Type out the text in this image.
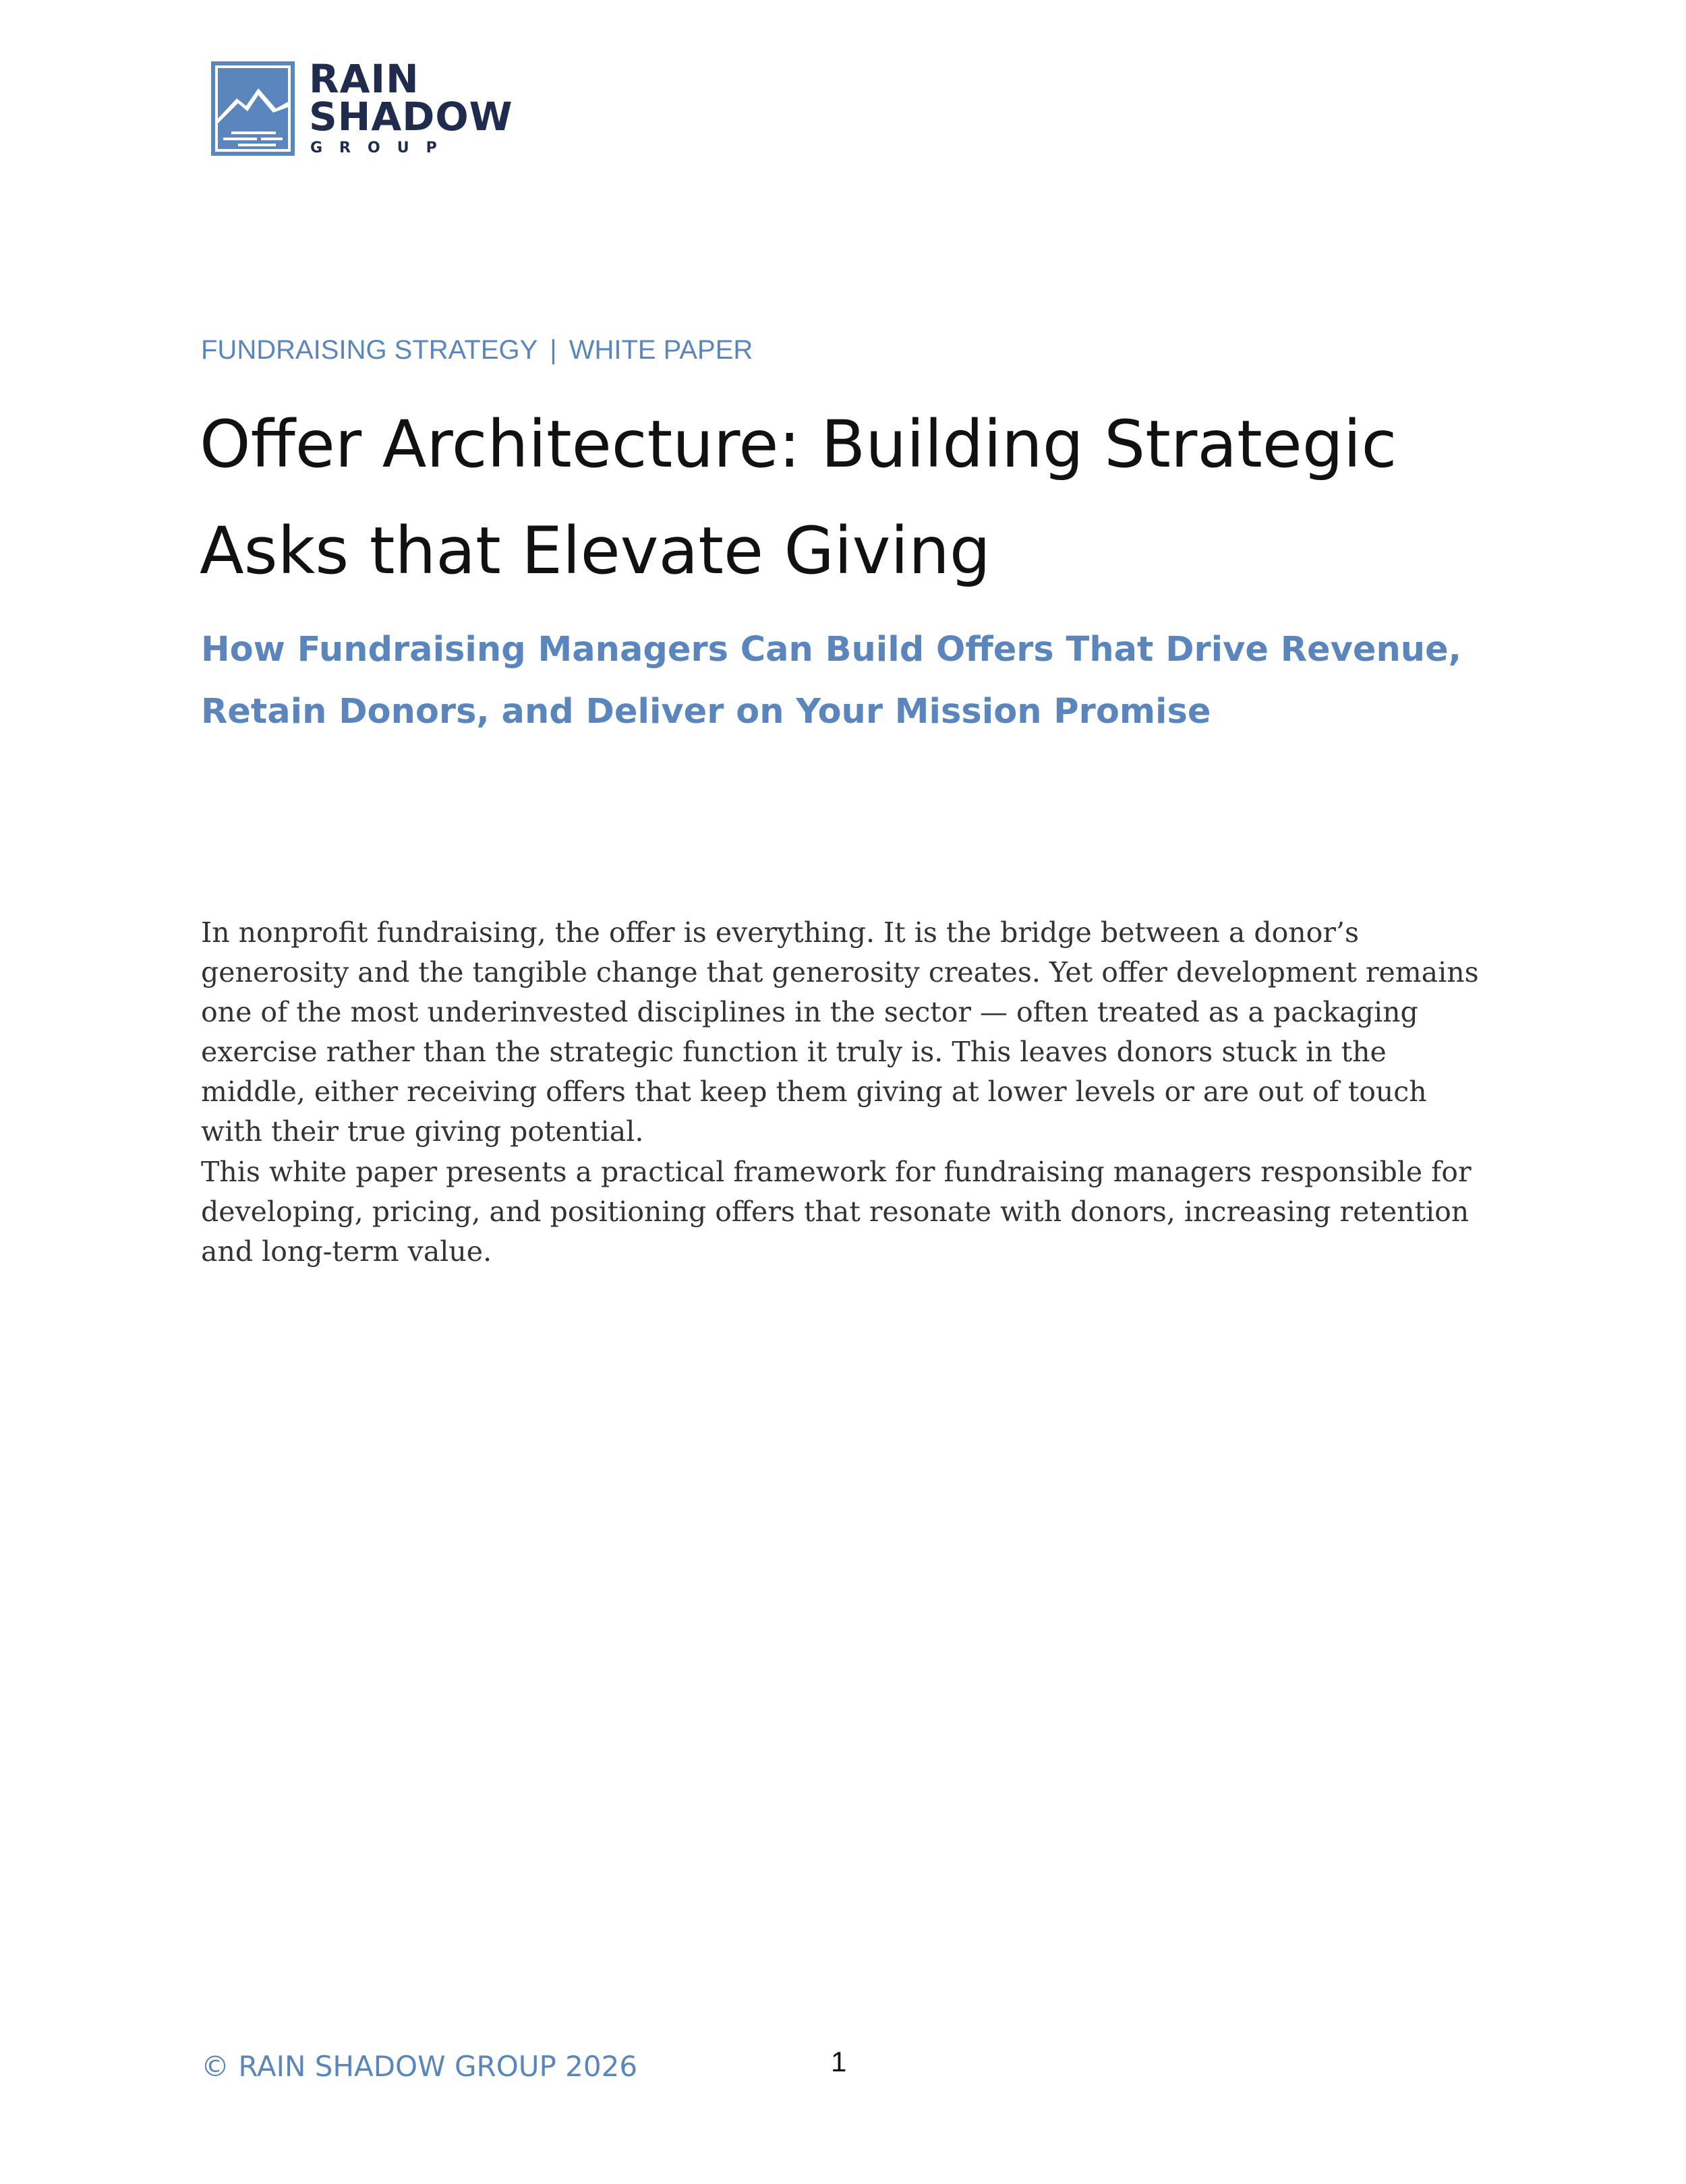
RAIN
SHADOW
GROUP
FUNDRAISING STRATEGY | WHITE PAPER
Offer Architecture: Building Strategic Asks that Elevate Giving
How Fundraising Managers Can Build Offers That Drive Revenue, Retain Donors, and Deliver on Your Mission Promise

In nonprofit fundraising, the offer is everything. It is the bridge between a donor’s generosity and the tangible change that generosity creates. Yet offer development remains one of the most underinvested disciplines in the sector — often treated as a packaging exercise rather than the strategic function it truly is. This leaves donors stuck in the middle, either receiving offers that keep them giving at lower levels or are out of touch with their true giving potential.

This white paper presents a practical framework for fundraising managers responsible for developing, pricing, and positioning offers that resonate with donors, increasing retention and long-term value.

© RAIN SHADOW GROUP 2026	1
